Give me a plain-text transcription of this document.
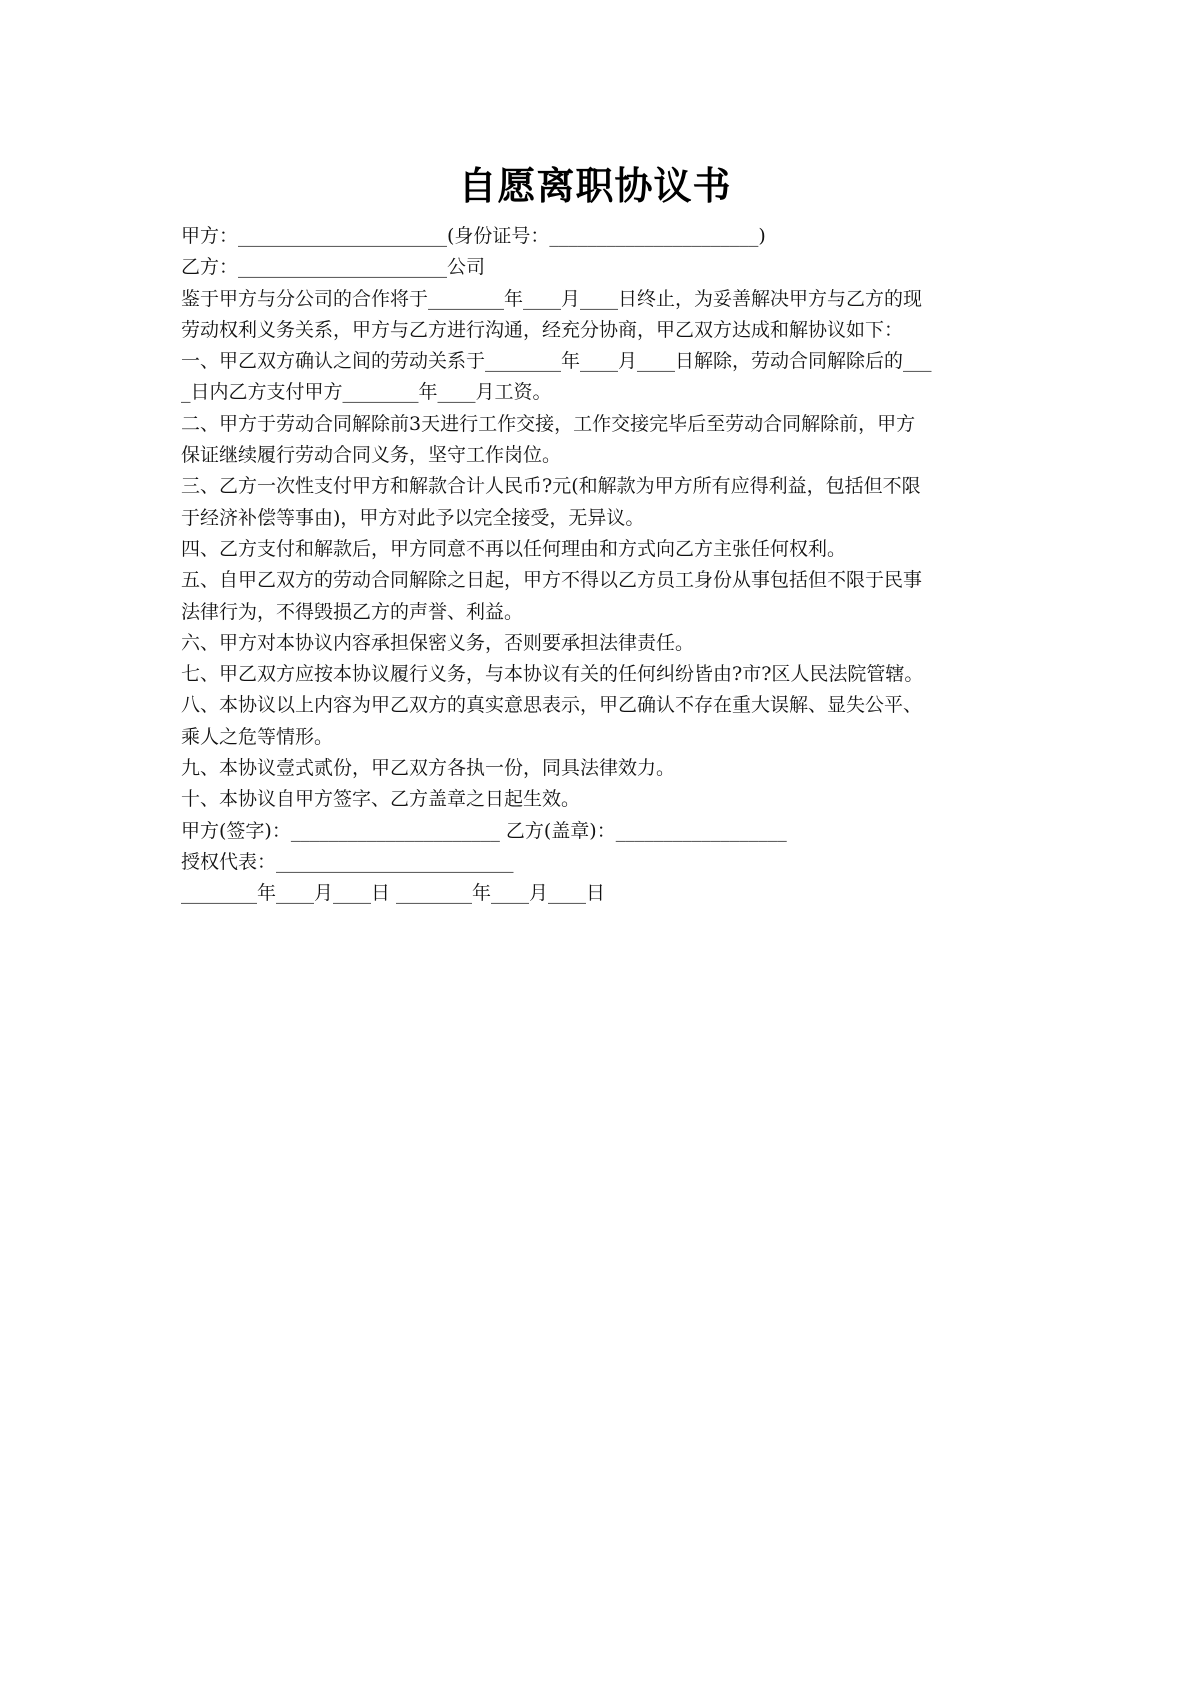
自愿离职协议书
甲方：______________________(身份证号：______________________)
乙方：______________________公司
鉴于甲方与分公司的合作将于________年____月____日终止，为妥善解决甲方与乙方的现
劳动权利义务关系，甲方与乙方进行沟通，经充分协商，甲乙双方达成和解协议如下：
一、甲乙双方确认之间的劳动关系于________年____月____日解除，劳动合同解除后的___
_日内乙方支付甲方________年____月工资。
二、甲方于劳动合同解除前3天进行工作交接，工作交接完毕后至劳动合同解除前，甲方
保证继续履行劳动合同义务，坚守工作岗位。
三、乙方一次性支付甲方和解款合计人民币?元(和解款为甲方所有应得利益，包括但不限
于经济补偿等事由)，甲方对此予以完全接受，无异议。
四、乙方支付和解款后，甲方同意不再以任何理由和方式向乙方主张任何权利。
五、自甲乙双方的劳动合同解除之日起，甲方不得以乙方员工身份从事包括但不限于民事
法律行为，不得毁损乙方的声誉、利益。
六、甲方对本协议内容承担保密义务，否则要承担法律责任。
七、甲乙双方应按本协议履行义务，与本协议有关的任何纠纷皆由?市?区人民法院管辖。
八、本协议以上内容为甲乙双方的真实意思表示，甲乙确认不存在重大误解、显失公平、
乘人之危等情形。
九、本协议壹式贰份，甲乙双方各执一份，同具法律效力。
十、本协议自甲方签字、乙方盖章之日起生效。
甲方(签字)：______________________ 乙方(盖章)：__________________
授权代表：_________________________
________年____月____日 ________年____月____日
